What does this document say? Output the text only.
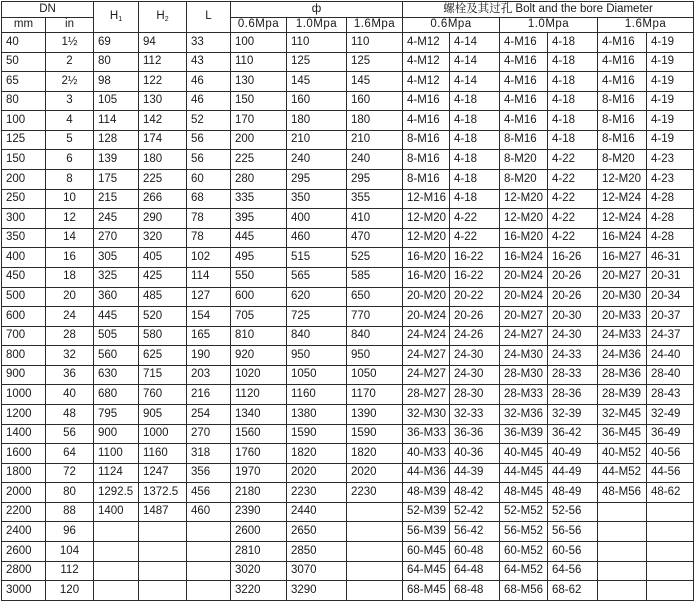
DN		$H_1$	$H_2$	L	ф			螺栓及其过孔 Bolt and the bore Diameter					
mm	in				0.6Mpa	1.0Mpa	1.6Mpa	0.6Mpa		1.0Mpa		1.6Mpa	
40	1½	69	94	33	100	110	110	4-M12	4-14	4-M16	4-18	4-M16	4-19
50	2	80	112	43	110	125	125	4-M12	4-14	4-M16	4-18	4-M16	4-19
65	2½	98	122	46	130	145	145	4-M12	4-14	4-M16	4-18	4-M16	4-19
80	3	105	130	46	150	160	160	4-M16	4-18	4-M16	4-18	8-M16	4-19
100	4	114	142	52	170	180	180	4-M16	4-18	4-M16	4-18	8-M16	4-19
125	5	128	174	56	200	210	210	8-M16	4-18	8-M16	4-18	8-M16	4-19
150	6	139	180	56	225	240	240	8-M16	4-18	8-M20	4-22	8-M20	4-23
200	8	175	225	60	280	295	295	8-M16	4-18	8-M20	4-22	12-M20	4-23
250	10	215	266	68	335	350	355	12-M16	4-18	12-M20	4-22	12-M24	4-28
300	12	245	290	78	395	400	410	12-M20	4-22	12-M20	4-22	12-M24	4-28
350	14	270	320	78	445	460	470	12-M20	4-22	16-M20	4-22	16-M24	4-28
400	16	305	405	102	495	515	525	16-M20	16-22	16-M24	16-26	16-M27	46-31
450	18	325	425	114	550	565	585	16-M20	16-22	20-M24	20-26	20-M27	20-31
500	20	360	485	127	600	620	650	20-M20	20-22	20-M24	20-26	20-M30	20-34
600	24	445	520	154	705	725	770	20-M24	20-26	20-M27	20-30	20-M33	20-37
700	28	505	580	165	810	840	840	24-M24	24-26	24-M27	24-30	24-M33	24-37
800	32	560	625	190	920	950	950	24-M27	24-30	24-M30	24-33	24-M36	24-40
900	36	630	715	203	1020	1050	1050	24-M27	24-30	28-M30	28-33	28-M36	28-40
1000	40	680	760	216	1120	1160	1170	28-M27	28-30	28-M33	28-36	28-M39	28-43
1200	48	795	905	254	1340	1380	1390	32-M30	32-33	32-M36	32-39	32-M45	32-49
1400	56	900	1000	270	1560	1590	1590	36-M33	36-36	36-M39	36-42	36-M45	36-49
1600	64	1100	1160	318	1760	1820	1820	40-M33	40-36	40-M45	40-49	40-M52	40-56
1800	72	1124	1247	356	1970	2020	2020	44-M36	44-39	44-M45	44-49	44-M52	44-56
2000	80	1292.5	1372.5	456	2180	2230	2230	48-M39	48-42	48-M45	48-49	48-M56	48-62
2200	88	1400	1487	460	2390	2440		52-M39	52-42	52-M52	52-56		
2400	96				2600	2650		56-M39	56-42	56-M52	56-56		
2600	104				2810	2850		60-M45	60-48	60-M52	60-56		
2800	112				3020	3070		64-M45	64-48	64-M52	64-56		
3000	120				3220	3290		68-M45	68-48	68-M56	68-62		
